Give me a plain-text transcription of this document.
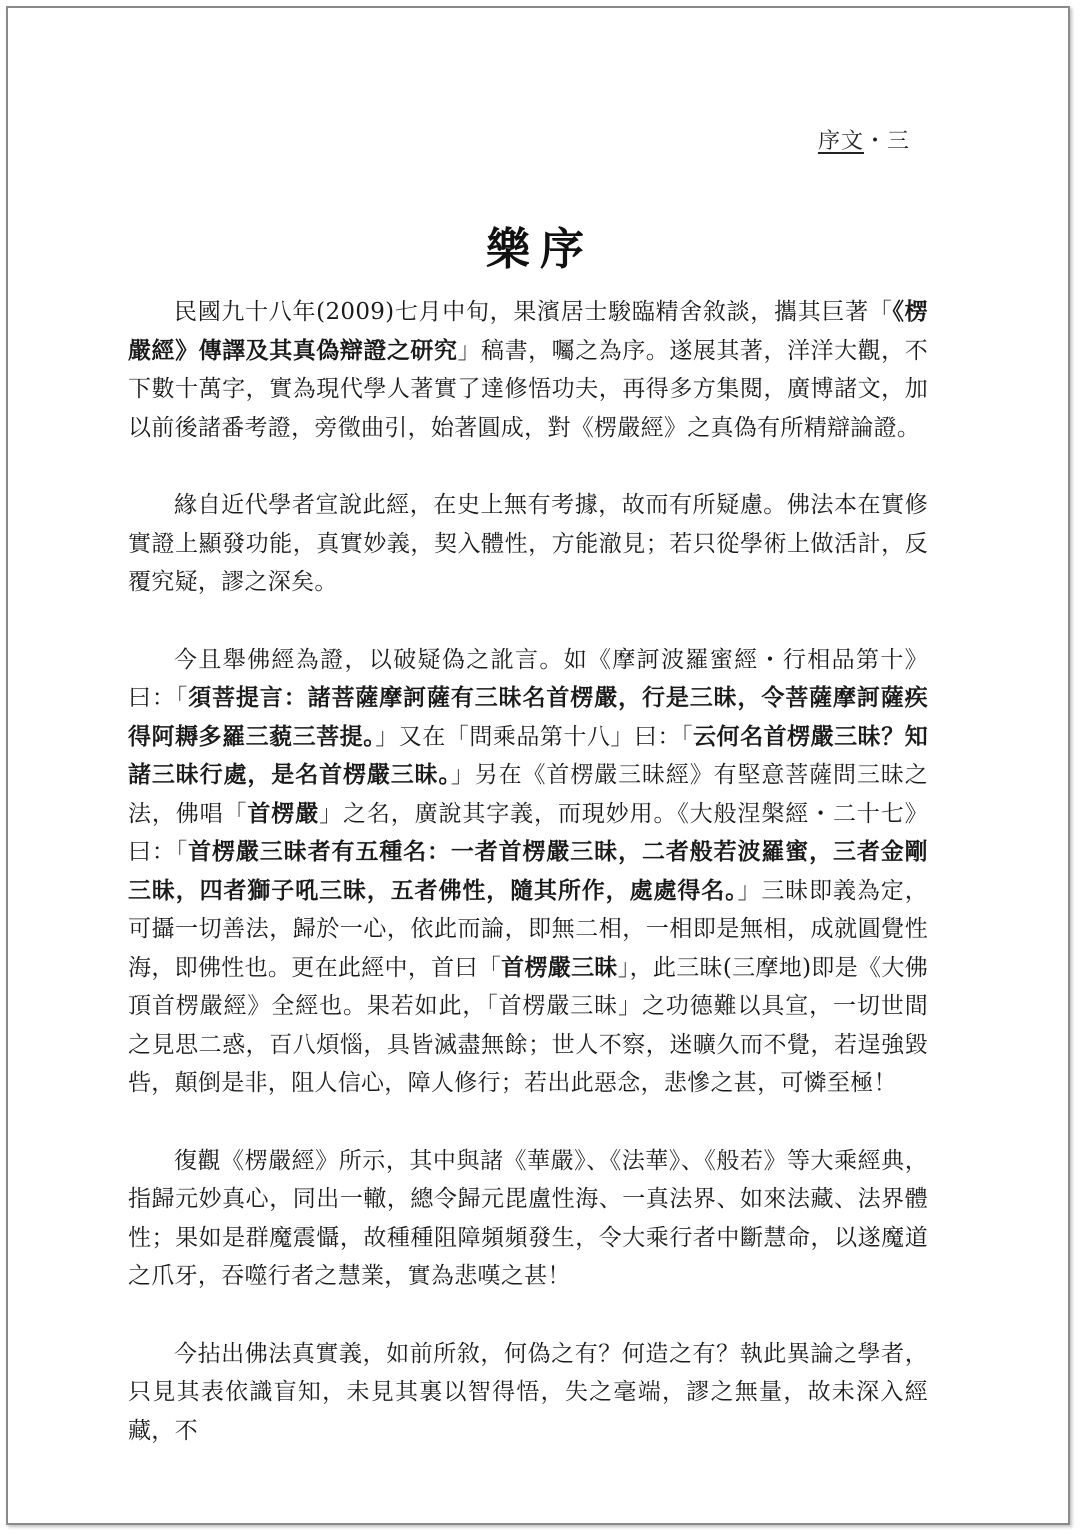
序文・三
樂序

民國九十八年(2009)七月中旬，果濱居士駿臨精舍敘談，攜其巨著「《楞嚴經》傳譯及其真偽辯證之研究」稿書，囑之為序。遂展其著，洋洋大觀，不下數十萬字，實為現代學人著實了達修悟功夫，再得多方集閱，廣博諸文，加以前後諸番考證，旁徵曲引，始著圓成，對《楞嚴經》之真偽有所精辯論證。

緣自近代學者宣說此經，在史上無有考據，故而有所疑慮。佛法本在實修實證上顯發功能，真實妙義，契入體性，方能澈見；若只從學術上做活計，反覆究疑，謬之深矣。

今且舉佛經為證，以破疑偽之訛言。如《摩訶波羅蜜經・行相品第十》曰：「須菩提言：諸菩薩摩訶薩有三昧名首楞嚴，行是三昧，令菩薩摩訶薩疾得阿耨多羅三藐三菩提。」又在「問乘品第十八」曰：「云何名首楞嚴三昧？知諸三昧行處，是名首楞嚴三昧。」另在《首楞嚴三昧經》有堅意菩薩問三昧之法，佛唱「首楞嚴」之名，廣說其字義，而現妙用。《大般涅槃經・二十七》曰：「首楞嚴三昧者有五種名：一者首楞嚴三昧，二者般若波羅蜜，三者金剛三昧，四者獅子吼三昧，五者佛性，隨其所作，處處得名。」三昧即義為定，可攝一切善法，歸於一心，依此而論，即無二相，一相即是無相，成就圓覺性海，即佛性也。更在此經中，首曰「首楞嚴三昧」，此三昧(三摩地)即是《大佛頂首楞嚴經》全經也。果若如此，「首楞嚴三昧」之功德難以具宣，一切世間之見思二惑，百八煩惱，具皆滅盡無餘；世人不察，迷曠久而不覺，若逞強毀呰，顛倒是非，阻人信心，障人修行；若出此惡念，悲慘之甚，可憐至極！

復觀《楞嚴經》所示，其中與諸《華嚴》、《法華》、《般若》等大乘經典，指歸元妙真心，同出一轍，總令歸元毘盧性海、一真法界、如來法藏、法界體性；果如是群魔震懾，故種種阻障頻頻發生，令大乘行者中斷慧命，以遂魔道之爪牙，吞噬行者之慧業，實為悲嘆之甚！

今拈出佛法真實義，如前所敘，何偽之有？何造之有？執此異論之學者，只見其表依識盲知，未見其裏以智得悟，失之毫端，謬之無量，故未深入經藏，不
